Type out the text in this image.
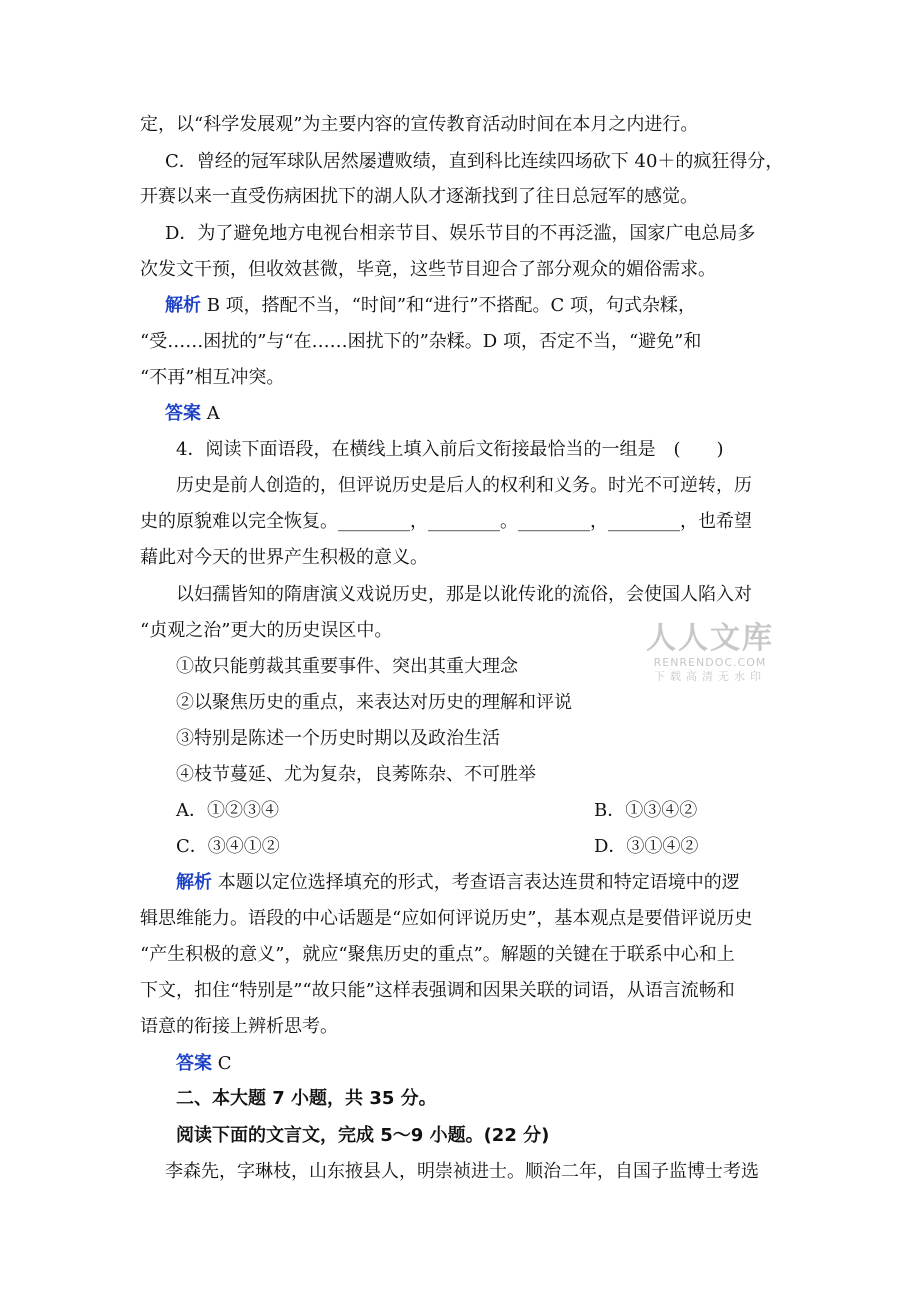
定，以“科学发展观”为主要内容的宣传教育活动时间在本月之内进行。
C．曾经的冠军球队居然屡遭败绩，直到科比连续四场砍下 40＋的疯狂得分，
开赛以来一直受伤病困扰下的湖人队才逐渐找到了往日总冠军的感觉。
D．为了避免地方电视台相亲节目、娱乐节目的不再泛滥，国家广电总局多
次发文干预，但收效甚微，毕竟，这些节目迎合了部分观众的媚俗需求。
解析 B 项，搭配不当，“时间”和“进行”不搭配。C 项，句式杂糅，
“受……困扰的”与“在……困扰下的”杂糅。D 项，否定不当，“避免”和
“不再”相互冲突。
答案 A
4．阅读下面语段，在横线上填入前后文衔接最恰当的一组是　(　　)
历史是前人创造的，但评说历史是后人的权利和义务。时光不可逆转，历
史的原貌难以完全恢复。________，________。________，________，也希望
藉此对今天的世界产生积极的意义。
以妇孺皆知的隋唐演义戏说历史，那是以讹传讹的流俗，会使国人陷入对
“贞观之治”更大的历史误区中。
①故只能剪裁其重要事件、突出其重大理念
②以聚焦历史的重点，来表达对历史的理解和评说
③特别是陈述一个历史时期以及政治生活
④枝节蔓延、尤为复杂，良莠陈杂、不可胜举
A．①②③④	B．①③④②
C．③④①②	D．③①④②
解析 本题以定位选择填充的形式，考查语言表达连贯和特定语境中的逻
辑思维能力。语段的中心话题是“应如何评说历史”，基本观点是要借评说历史
“产生积极的意义”，就应“聚焦历史的重点”。解题的关键在于联系中心和上
下文，扣住“特别是”“故只能”这样表强调和因果关联的词语，从语言流畅和
语意的衔接上辨析思考。
答案 C
二、本大题 7 小题，共 35 分。
阅读下面的文言文，完成 5～9 小题。(22 分)
李森先，字琳枝，山东掖县人，明崇祯进士。顺治二年，自国子监博士考选
人人文库
RENRENDOC.COM
下载高清无水印
